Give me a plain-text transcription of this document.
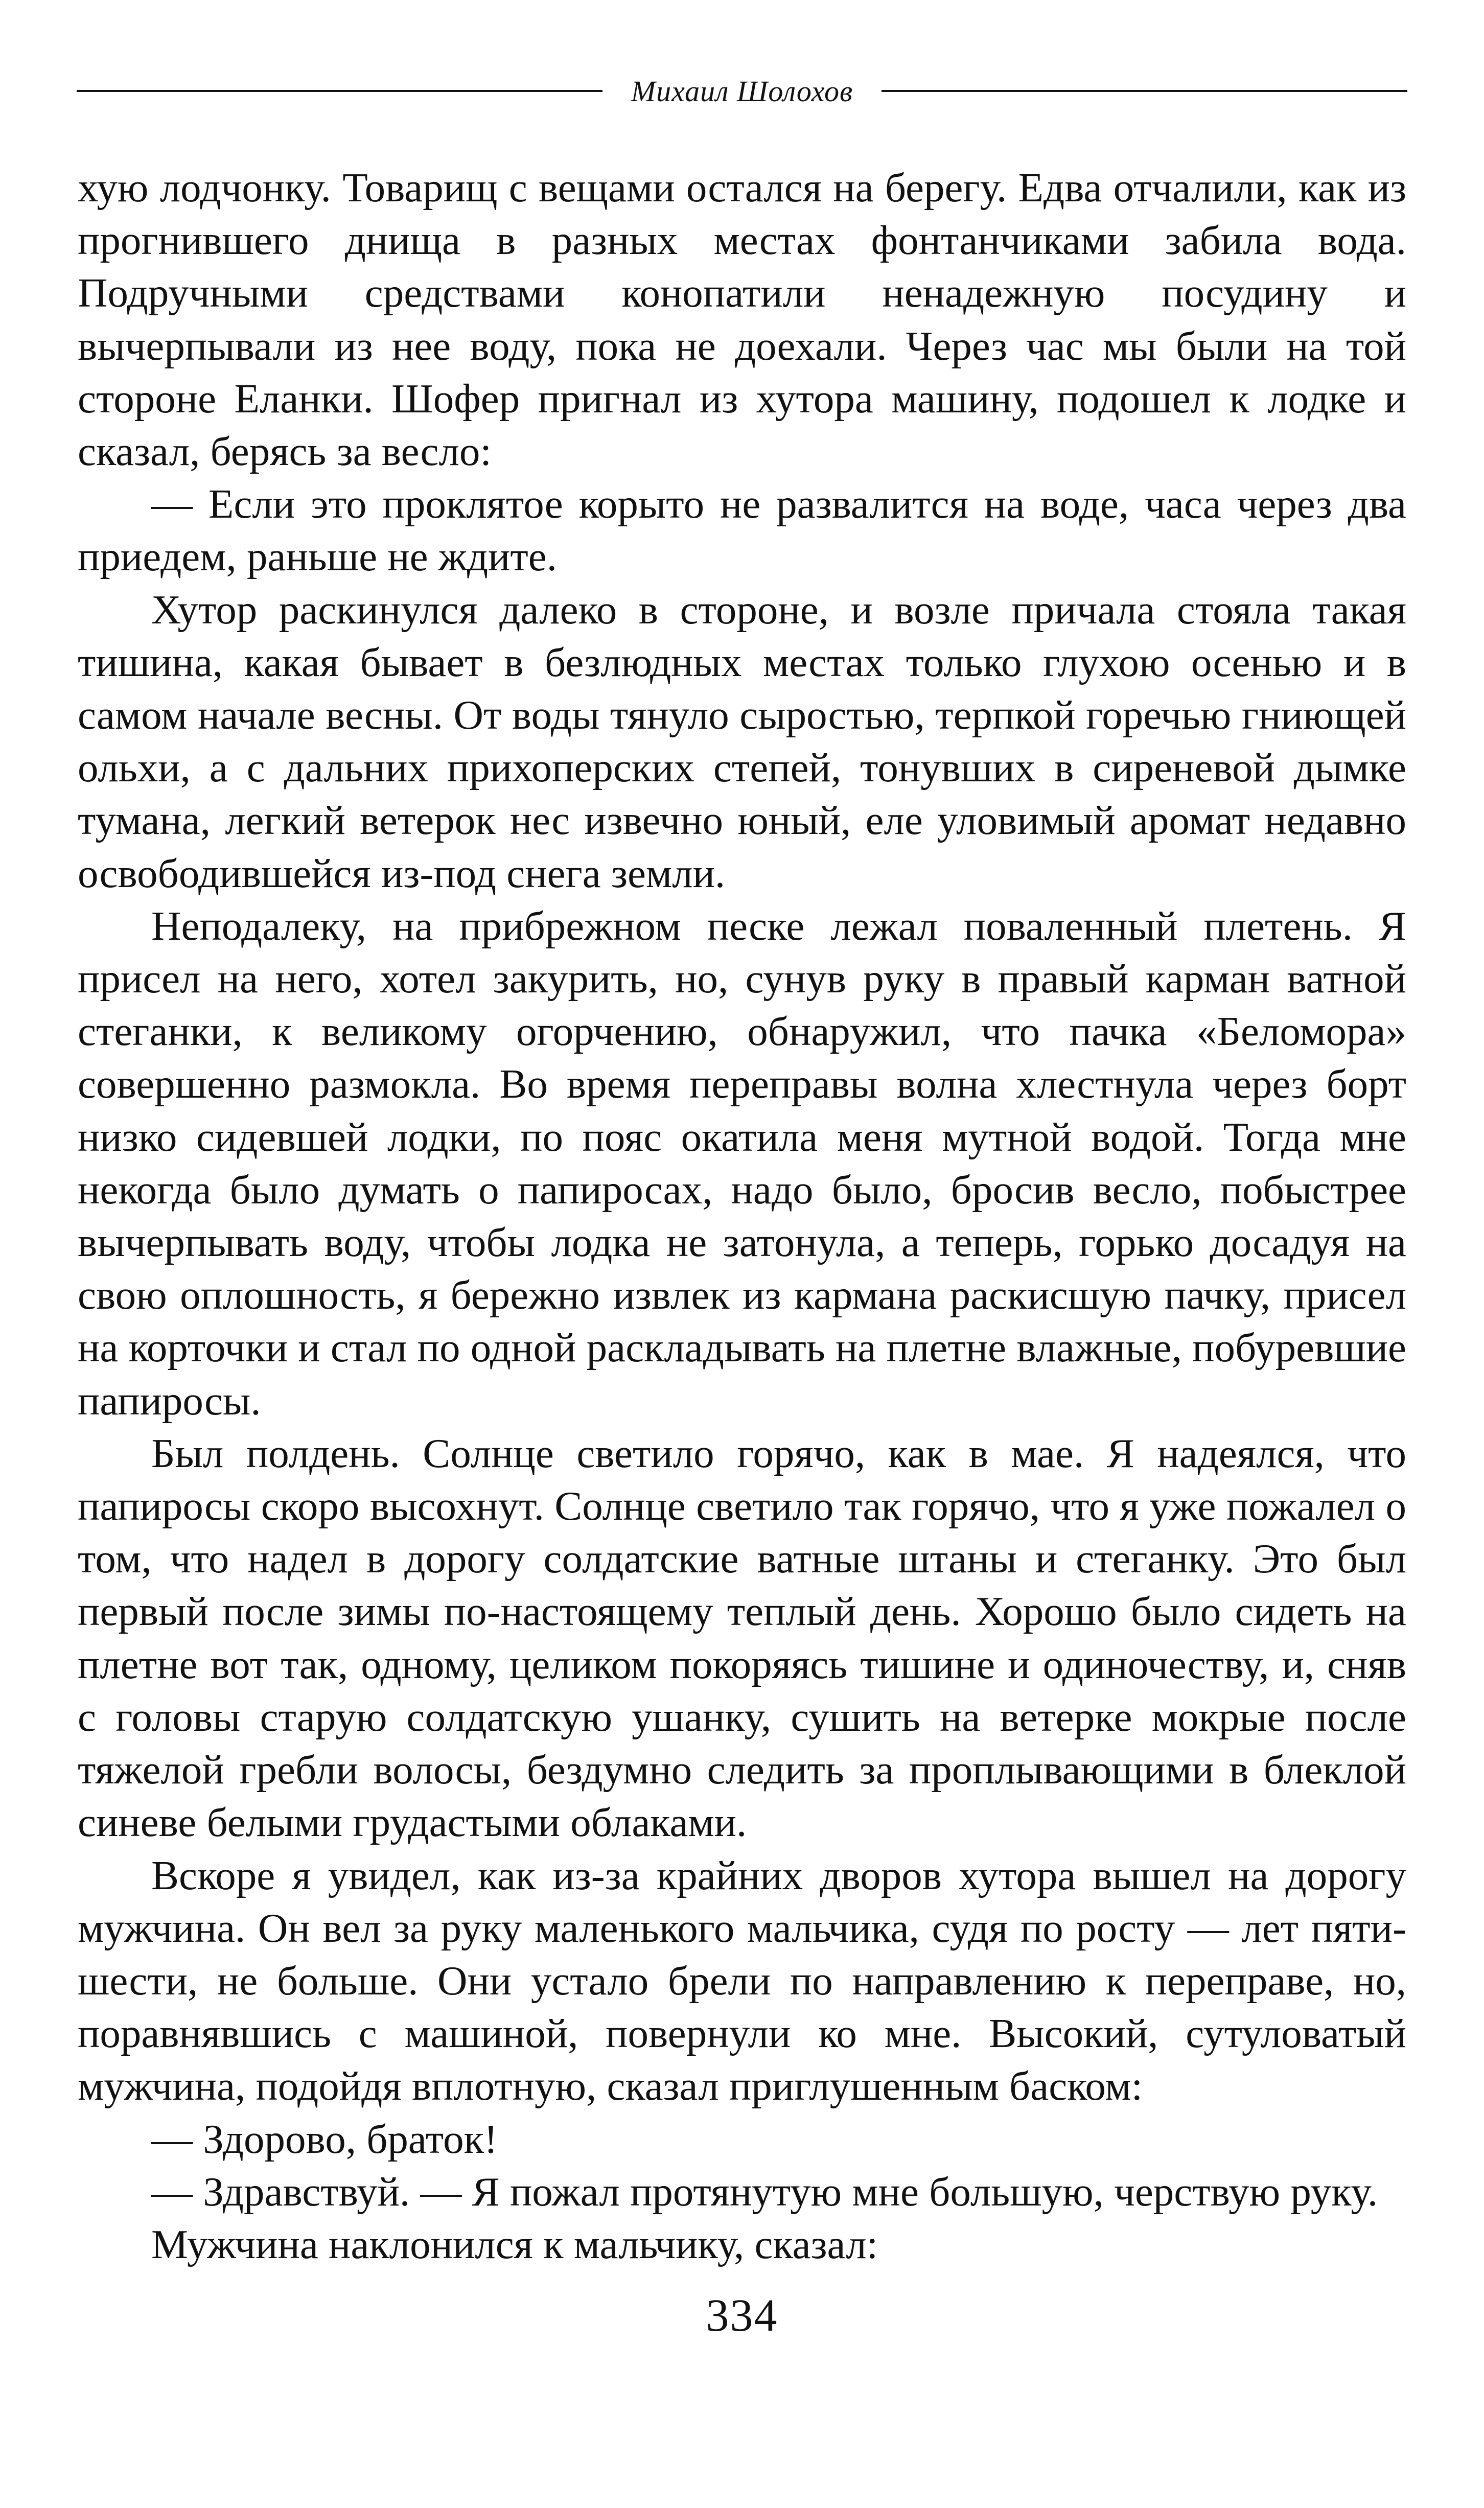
Михаил Шолохов

хую лодчонку. Товарищ с вещами остался на берегу. Едва отчалили, как из прогнившего днища в разных местах фонтанчиками забила вода. Подручными средствами конопатили ненадежную посудину и вычерпывали из нее воду, пока не доехали. Через час мы были на той стороне Еланки. Шофер пригнал из хутора машину, подошел к лодке и сказал, берясь за весло:

— Если это проклятое корыто не развалится на воде, часа через два приедем, раньше не ждите.

Хутор раскинулся далеко в стороне, и возле причала стояла такая тишина, какая бывает в безлюдных местах только глухою осенью и в самом начале весны. От воды тянуло сыростью, терпкой горечью гниющей ольхи, а с дальних прихоперских степей, тонувших в сиреневой дымке тумана, легкий ветерок нес извечно юный, еле уловимый аромат недавно освободившейся из-под снега земли.

Неподалеку, на прибрежном песке лежал поваленный плетень. Я присел на него, хотел закурить, но, сунув руку в правый карман ватной стеганки, к великому огорчению, обнаружил, что пачка «Беломора» совершенно размокла. Во время переправы волна хлестнула через борт низко сидевшей лодки, по пояс окатила меня мутной водой. Тогда мне некогда было думать о папиросах, надо было, бросив весло, побыстрее вычерпывать воду, чтобы лодка не затонула, а теперь, горько досадуя на свою оплошность, я бережно извлек из кармана раскисшую пачку, присел на корточки и стал по одной раскладывать на плетне влажные, побуревшие папиросы.

Был полдень. Солнце светило горячо, как в мае. Я надеялся, что папиросы скоро высохнут. Солнце светило так горячо, что я уже пожалел о том, что надел в дорогу солдатские ватные штаны и стеганку. Это был первый после зимы по-настоящему теплый день. Хорошо было сидеть на плетне вот так, одному, целиком покоряясь тишине и одиночеству, и, сняв с головы старую солдатскую ушанку, сушить на ветерке мокрые после тяжелой гребли волосы, бездумно следить за проплывающими в блеклой синеве белыми грудастыми облаками.

Вскоре я увидел, как из-за крайних дворов хутора вышел на дорогу мужчина. Он вел за руку маленького мальчика, судя по росту — лет пяти-шести, не больше. Они устало брели по направлению к переправе, но, поравнявшись с машиной, повернули ко мне. Высокий, сутуловатый мужчина, подойдя вплотную, сказал приглушенным баском:

— Здорово, браток!

— Здравствуй. — Я пожал протянутую мне большую, черствую руку.

Мужчина наклонился к мальчику, сказал:

334
